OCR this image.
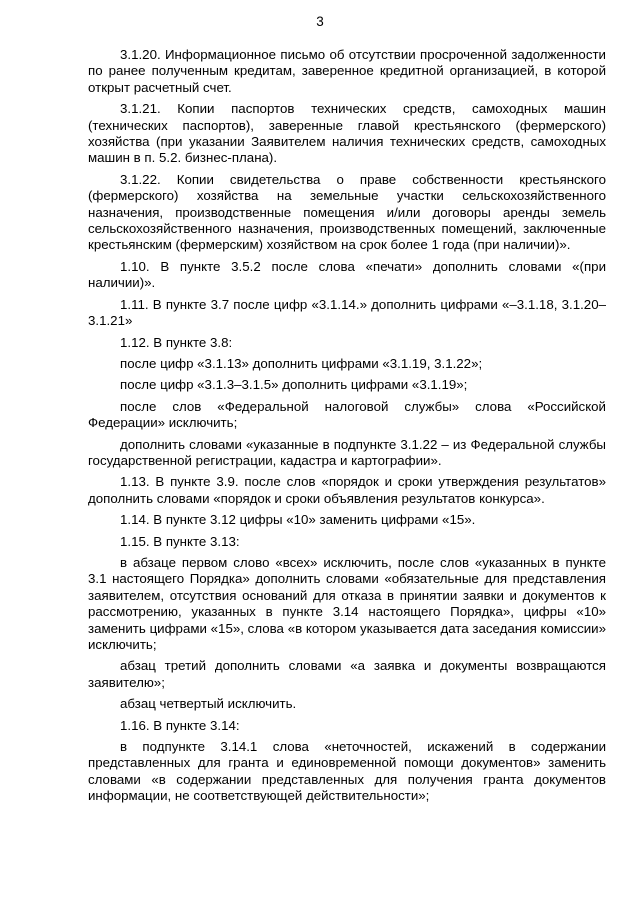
3

3.1.20. Информационное письмо об отсутствии просроченной задолженности по ранее полученным кредитам, заверенное кредитной организацией, в которой открыт расчетный счет.

3.1.21. Копии паспортов технических средств, самоходных машин (технических паспортов), заверенные главой крестьянского (фермерского) хозяйства (при указании Заявителем наличия технических средств, самоходных машин в п. 5.2. бизнес-плана).

3.1.22. Копии свидетельства о праве собственности крестьянского (фермерского) хозяйства на земельные участки сельскохозяйственного назначения, производственные помещения и/или договоры аренды земель сельскохозяйственного назначения, производственных помещений, заключенные крестьянским (фермерским) хозяйством на срок более 1 года (при наличии)».

1.10. В пункте 3.5.2 после слова «печати» дополнить словами «(при наличии)».

1.11. В пункте 3.7 после цифр «3.1.14.» дополнить цифрами «–3.1.18, 3.1.20–3.1.21»

1.12. В пункте 3.8:

после цифр «3.1.13» дополнить цифрами «3.1.19, 3.1.22»;

после цифр «3.1.3–3.1.5» дополнить цифрами «3.1.19»;

после слов «Федеральной налоговой службы» слова «Российской Федерации» исключить;

дополнить словами «указанные в подпункте 3.1.22 – из Федеральной службы государственной регистрации, кадастра и картографии».

1.13. В пункте 3.9. после слов «порядок и сроки утверждения результатов» дополнить словами «порядок и сроки объявления результатов конкурса».

1.14. В пункте 3.12 цифры «10» заменить цифрами «15».

1.15. В пункте 3.13:

в абзаце первом слово «всех» исключить, после слов «указанных в пункте 3.1 настоящего Порядка» дополнить словами «обязательные для представления заявителем, отсутствия оснований для отказа в принятии заявки и документов к рассмотрению, указанных в пункте 3.14 настоящего Порядка», цифры «10» заменить цифрами «15», слова «в котором указывается дата заседания комиссии» исключить;

абзац третий дополнить словами «а заявка и документы возвращаются заявителю»;

абзац четвертый исключить.

1.16. В пункте 3.14:

в подпункте 3.14.1 слова «неточностей, искажений в содержании представленных для гранта и единовременной помощи документов» заменить словами «в содержании представленных для получения гранта документов информации, не соответствующей действительности»;
